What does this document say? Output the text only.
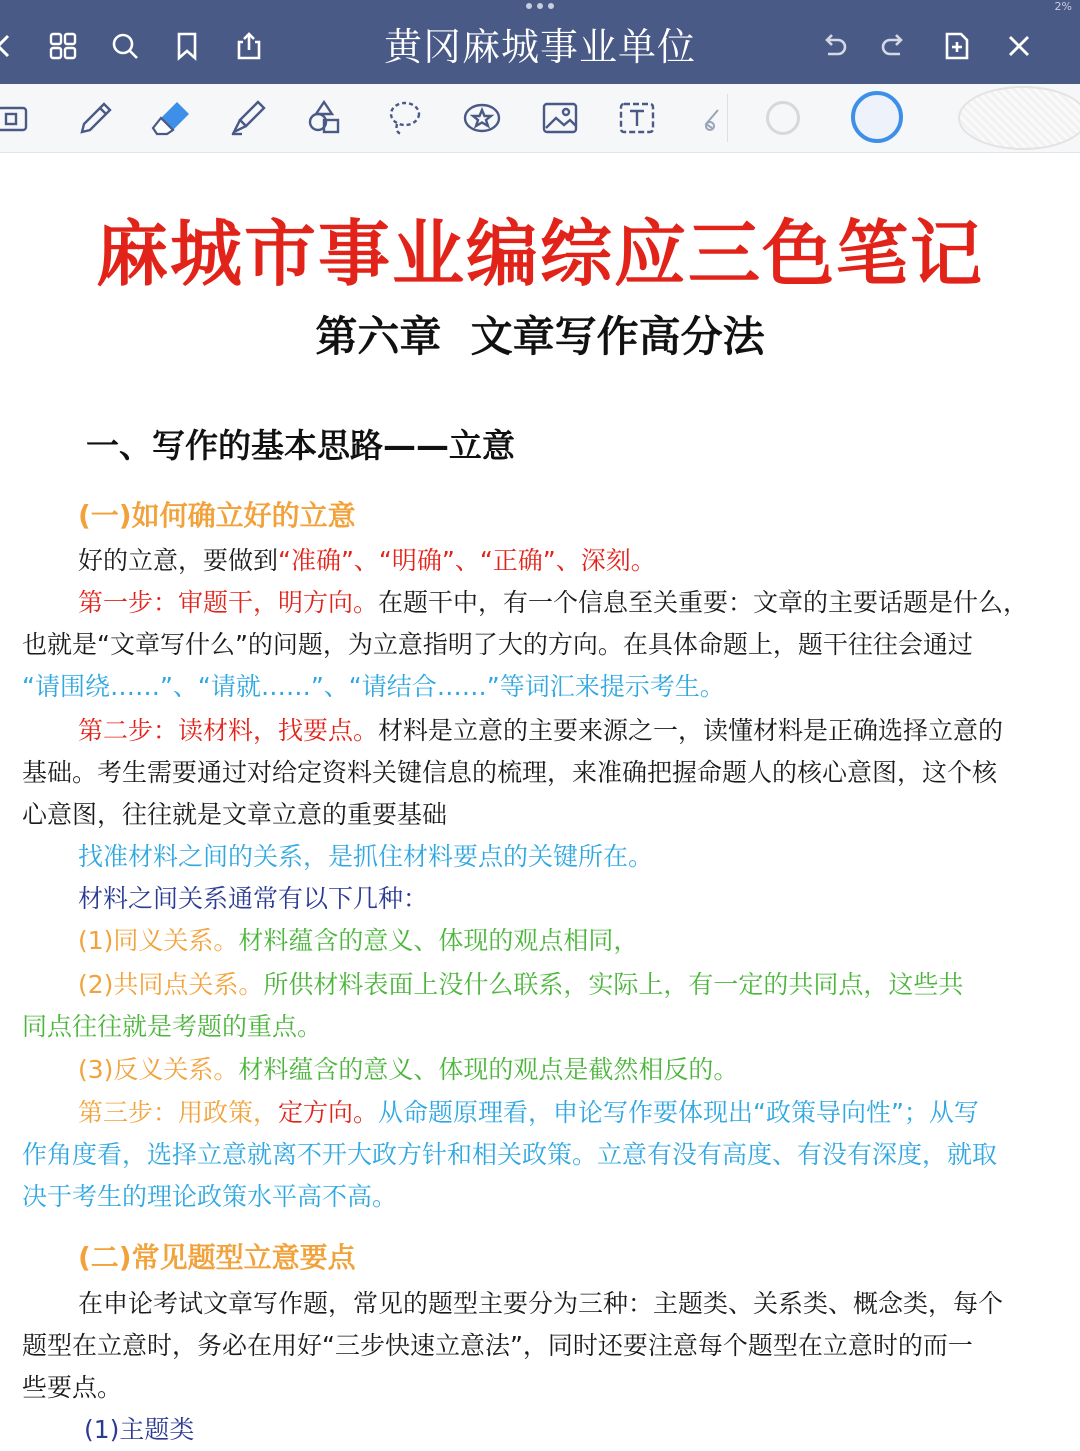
2%
黄冈麻城事业单位
麻城市事业编综应三色笔记
第六章  文章写作高分法
一、写作的基本思路——立意
(一)如何确立好的立意
好的立意，要做到“准确”、“明确”、“正确”、深刻。
第一步：审题干，明方向。在题干中，有一个信息至关重要：文章的主要话题是什么，
也就是“文章写什么”的问题，为立意指明了大的方向。在具体命题上，题干往往会通过
“请围绕……”、“请就……”、“请结合……”等词汇来提示考生。
第二步：读材料，找要点。材料是立意的主要来源之一，读懂材料是正确选择立意的
基础。考生需要通过对给定资料关键信息的梳理，来准确把握命题人的核心意图，这个核
心意图，往往就是文章立意的重要基础
找准材料之间的关系，是抓住材料要点的关键所在。
材料之间关系通常有以下几种：
(1)同义关系。材料蕴含的意义、体现的观点相同，
(2)共同点关系。所供材料表面上没什么联系，实际上，有一定的共同点，这些共
同点往往就是考题的重点。
(3)反义关系。材料蕴含的意义、体现的观点是截然相反的。
第三步：用政策，定方向。从命题原理看，申论写作要体现出“政策导向性”；从写
作角度看，选择立意就离不开大政方针和相关政策。立意有没有高度、有没有深度，就取
决于考生的理论政策水平高不高。
(二)常见题型立意要点
在申论考试文章写作题，常见的题型主要分为三种：主题类、关系类、概念类，每个
题型在立意时，务必在用好“三步快速立意法”，同时还要注意每个题型在立意时的而一
些要点。
(1)主题类
